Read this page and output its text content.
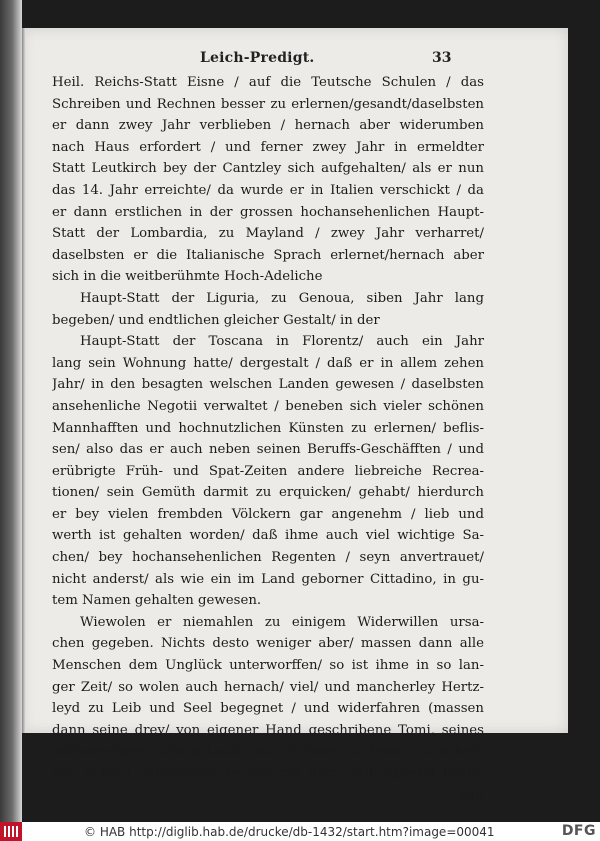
Leich-Predigt.	33
Heil. Reichs-Statt Eisne / auf die Teutsche Schulen / das
Schreiben und Rechnen besser zu erlernen/gesandt/daselbsten
er dann zwey Jahr verblieben / hernach aber widerumben
nach Haus erfordert / und ferner zwey Jahr in ermeldter
Statt Leutkirch bey der Cantzley sich aufgehalten/ als er nun
das 14. Jahr erreichte/ da wurde er in Italien verschickt / da
er dann erstlichen in der grossen hochansehenlichen Haupt-
Statt der Lombardia, zu Mayland / zwey Jahr verharret/
daselbsten er die Italianische Sprach erlernet/hernach aber
sich in die weitberühmte Hoch-Adeliche
Haupt-Statt der Liguria, zu Genoua, siben Jahr lang
begeben/ und endtlichen gleicher Gestalt/ in der
Haupt-Statt der Toscana in Florentz/ auch ein Jahr
lang sein Wohnung hatte/ dergestalt / daß er in allem zehen
Jahr/ in den besagten welschen Landen gewesen / daselbsten
ansehenliche Negotii verwaltet / beneben sich vieler schönen
Mannhafften und hochnutzlichen Künsten zu erlernen/ beflis-
sen/ also das er auch neben seinen Beruffs-Geschäfften / und
erübrigte Früh- und Spat-Zeiten andere liebreiche Recrea-
tionen/ sein Gemüth darmit zu erquicken/ gehabt/ hierdurch
er bey vielen frembden Völckern gar angenehm / lieb und
werth ist gehalten worden/ daß ihme auch viel wichtige Sa-
chen/ bey hochansehenlichen Regenten / seyn anvertrauet/
nicht anderst/ als wie ein im Land geborner Cittadino, in gu-
tem Namen gehalten gewesen.
Wiewolen er niemahlen zu einigem Widerwillen ursa-
chen gegeben. Nichts desto weniger aber/ massen dann alle
Menschen dem Unglück unterworffen/ so ist ihme in so lan-
ger Zeit/ so wolen auch hernach/ viel/ und mancherley Hertz-
leyd zu Leib und Seel begegnet / und widerfahren (massen
dann seine drey/ von eigener Hand geschribene Tomi, seines
müheseeligen Lebens-Lauff/ mit Thränen zu lesen/ zu erken-
nen geben) dannenhero er wol mit dem Heil. Apostel Paulo/
auß
© HAB http://diglib.hab.de/drucke/db-1432/start.htm?image=00041	DFG
